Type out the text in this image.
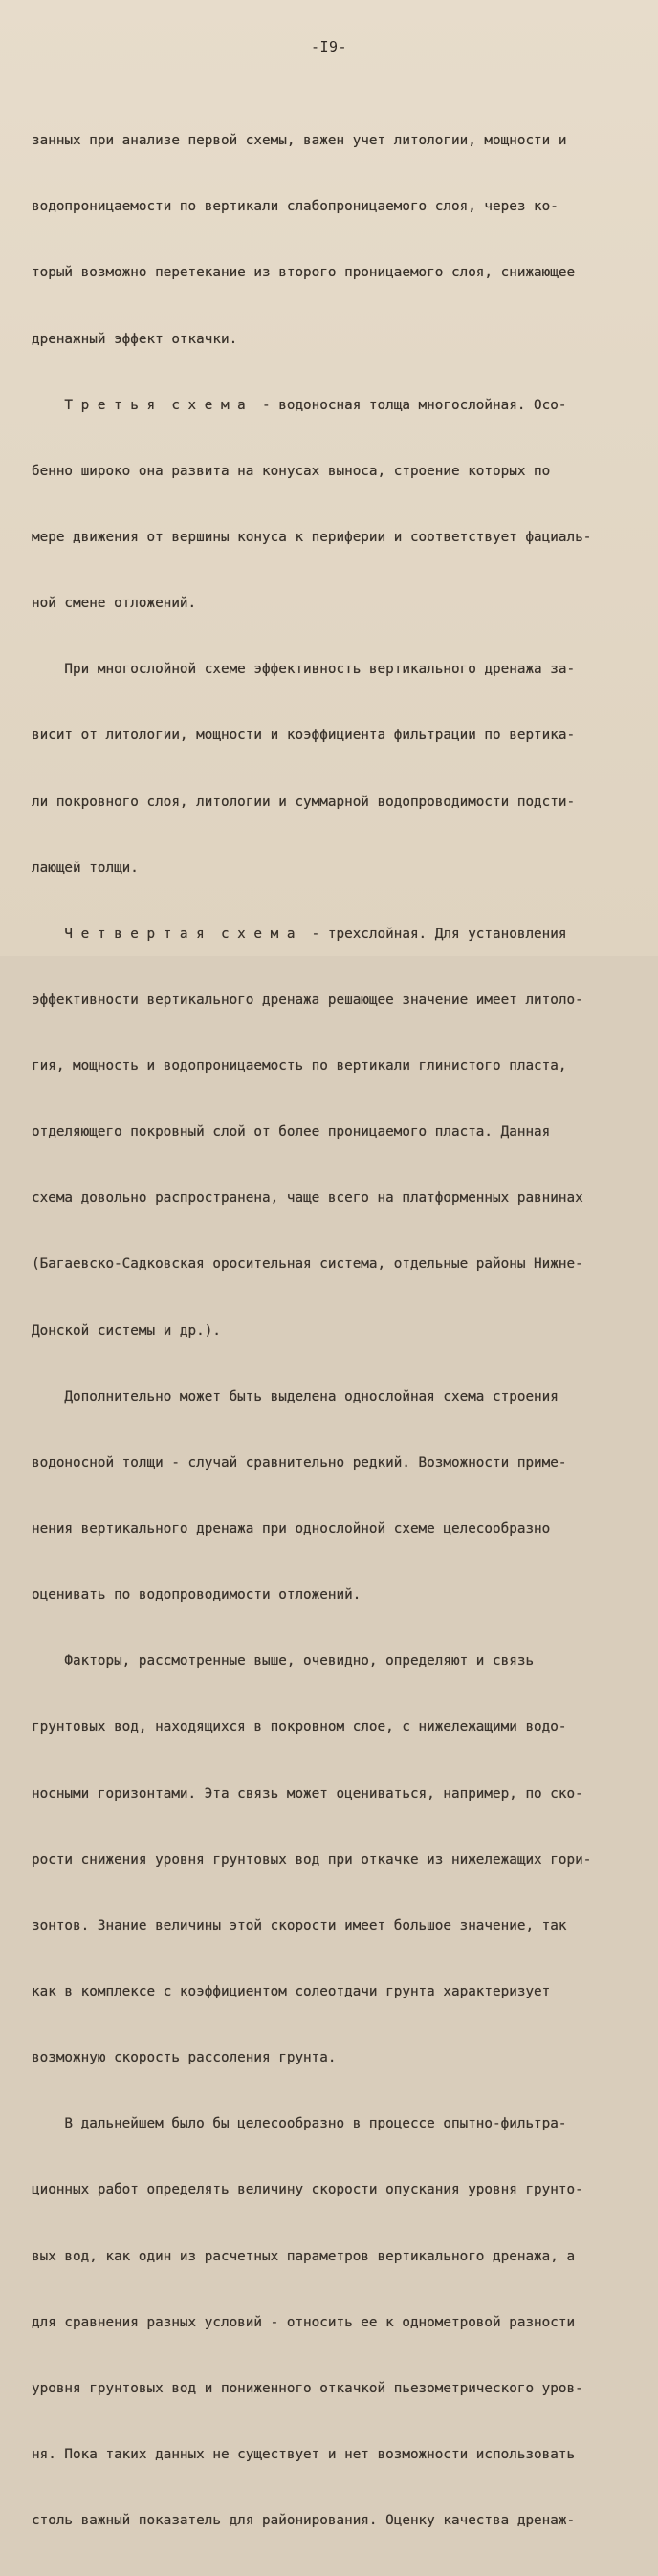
-I9-

занных при анализе первой схемы, важен учет литологии, мощности и

водопроницаемости по вертикали слабопроницаемого слоя, через ко-

торый возможно перетекание из второго проницаемого слоя, снижающее

дренажный эффект откачки.

Т р е т ь я  с х е м а  - водоносная толща многослойная. Осо-

бенно широко она развита на конусах выноса, строение которых по

мере движения от вершины конуса к периферии и соответствует фациаль-

ной смене отложений.

При многослойной схеме эффективность вертикального дренажа за-

висит от литологии, мощности и коэффициента фильтрации по вертика-

ли покровного слоя, литологии и суммарной водопроводимости подсти-

лающей толщи.

Ч е т в е р т а я  с х е м а  - трехслойная. Для установления

эффективности вертикального дренажа решающее значение имеет литоло-

гия, мощность и водопроницаемость по вертикали глинистого пласта,

отделяющего покровный слой от более проницаемого пласта. Данная

схема довольно распространена, чаще всего на платформенных равнинах

(Багаевско-Садковская оросительная система, отдельные районы Нижне-

Донской системы и др.).

Дополнительно может быть выделена однослойная схема строения

водоносной толщи - случай сравнительно редкий. Возможности приме-

нения вертикального дренажа при однослойной схеме целесообразно

оценивать по водопроводимости отложений.

Факторы, рассмотренные выше, очевидно, определяют и связь

грунтовых вод, находящихся в покровном слое, с нижележащими водо-

носными горизонтами. Эта связь может оцениваться, например, по ско-

рости снижения уровня грунтовых вод при откачке из нижележащих гори-

зонтов. Знание величины этой скорости имеет большое значение, так

как в комплексе с коэффициентом солеотдачи грунта характеризует

возможную скорость рассоления грунта.

В дальнейшем было бы целесообразно в процессе опытно-фильтра-

ционных работ определять величину скорости опускания уровня грунто-

вых вод, как один из расчетных параметров вертикального дренажа, а

для сравнения разных условий - относить ее к однометровой разности

уровня грунтовых вод и пониженного откачкой пьезометрического уров-

ня. Пока таких данных не существует и нет возможности использовать

столь важный показатель для районирования. Оценку качества дренаж-
